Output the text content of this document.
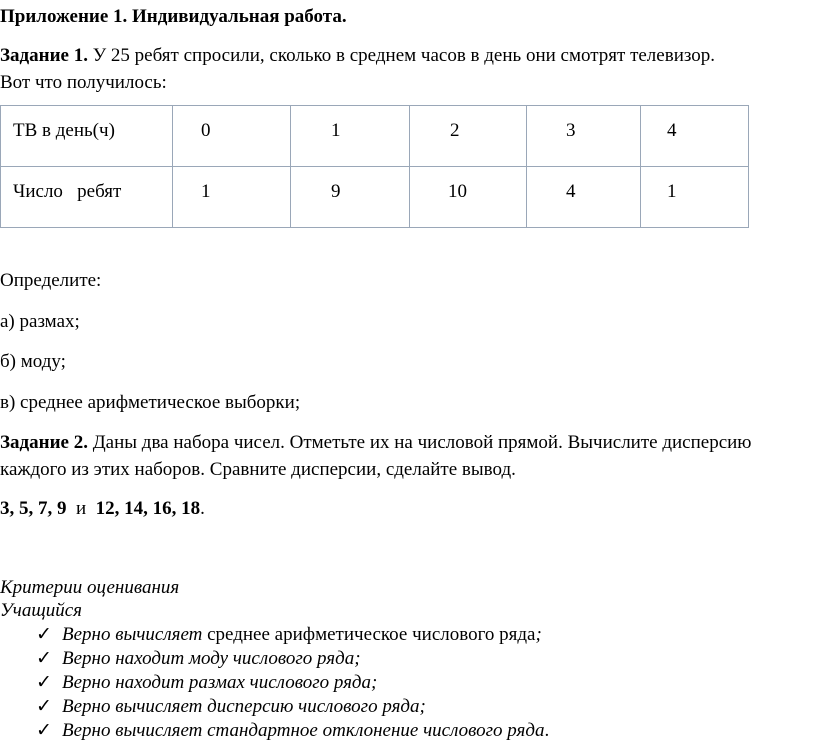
Приложение 1. Индивидуальная работа.
Задание 1. У 25 ребят спросили, сколько в среднем часов в день они смотрят телевизор.
Вот что получилось:
ТВ в день(ч)	0	1	2	3	4
Число   ребят	1	9	10	4	1
Определите:
а) размах;
б) моду;
в) среднее арифметическое выборки;
Задание 2. Даны два набора чисел. Отметьте их на числовой прямой. Вычислите дисперсию
каждого из этих наборов. Сравните дисперсии, сделайте вывод.
3, 5, 7, 9 и 12, 14, 16, 18.
Критерии оценивания
Учащийся
✓ Верно вычисляет среднее арифметическое числового ряда;
✓ Верно находит моду числового ряда;
✓ Верно находит размах числового ряда;
✓ Верно вычисляет дисперсию числового ряда;
✓ Верно вычисляет стандартное отклонение числового ряда.
